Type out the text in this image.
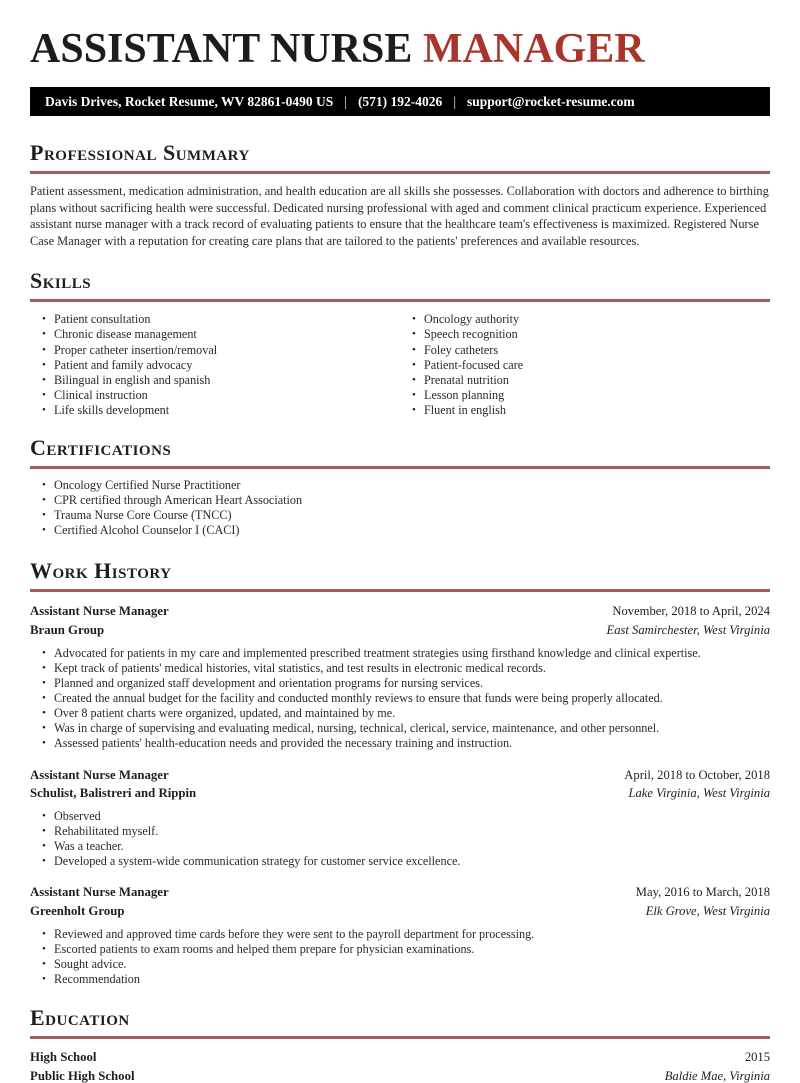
ASSISTANT NURSE MANAGER
Davis Drives, Rocket Resume, WV 82861-0490 US | (571) 192-4026 | support@rocket-resume.com
Professional Summary

Patient assessment, medication administration, and health education are all skills she possesses. Collaboration with doctors and adherence to birthing plans without sacrificing health were successful. Dedicated nursing professional with aged and comment clinical practicum experience. Experienced assistant nurse manager with a track record of evaluating patients to ensure that the healthcare team's effectiveness is maximized. Registered Nurse Case Manager with a reputation for creating care plans that are tailored to the patients' preferences and available resources.

Skills
• Patient consultation
• Chronic disease management
• Proper catheter insertion/removal
• Patient and family advocacy
• Bilingual in english and spanish
• Clinical instruction
• Life skills development
• Oncology authority
• Speech recognition
• Foley catheters
• Patient-focused care
• Prenatal nutrition
• Lesson planning
• Fluent in english
Certifications
• Oncology Certified Nurse Practitioner
• CPR certified through American Heart Association
• Trauma Nurse Core Course (TNCC)
• Certified Alcohol Counselor I (CACI)
Work History
Assistant Nurse Manager	November, 2018 to April, 2024
Braun Group	East Samirchester, West Virginia
• Advocated for patients in my care and implemented prescribed treatment strategies using firsthand knowledge and clinical expertise.
• Kept track of patients' medical histories, vital statistics, and test results in electronic medical records.
• Planned and organized staff development and orientation programs for nursing services.
• Created the annual budget for the facility and conducted monthly reviews to ensure that funds were being properly allocated.
• Over 8 patient charts were organized, updated, and maintained by me.
• Was in charge of supervising and evaluating medical, nursing, technical, clerical, service, maintenance, and other personnel.
• Assessed patients' health-education needs and provided the necessary training and instruction.
Assistant Nurse Manager	April, 2018 to October, 2018
Schulist, Balistreri and Rippin	Lake Virginia, West Virginia
• Observed
• Rehabilitated myself.
• Was a teacher.
• Developed a system-wide communication strategy for customer service excellence.
Assistant Nurse Manager	May, 2016 to March, 2018
Greenholt Group	Elk Grove, West Virginia
• Reviewed and approved time cards before they were sent to the payroll department for processing.
• Escorted patients to exam rooms and helped them prepare for physician examinations.
• Sought advice.
• Recommendation
Education
High School	2015
Public High School	Baldie Mae, Virginia
